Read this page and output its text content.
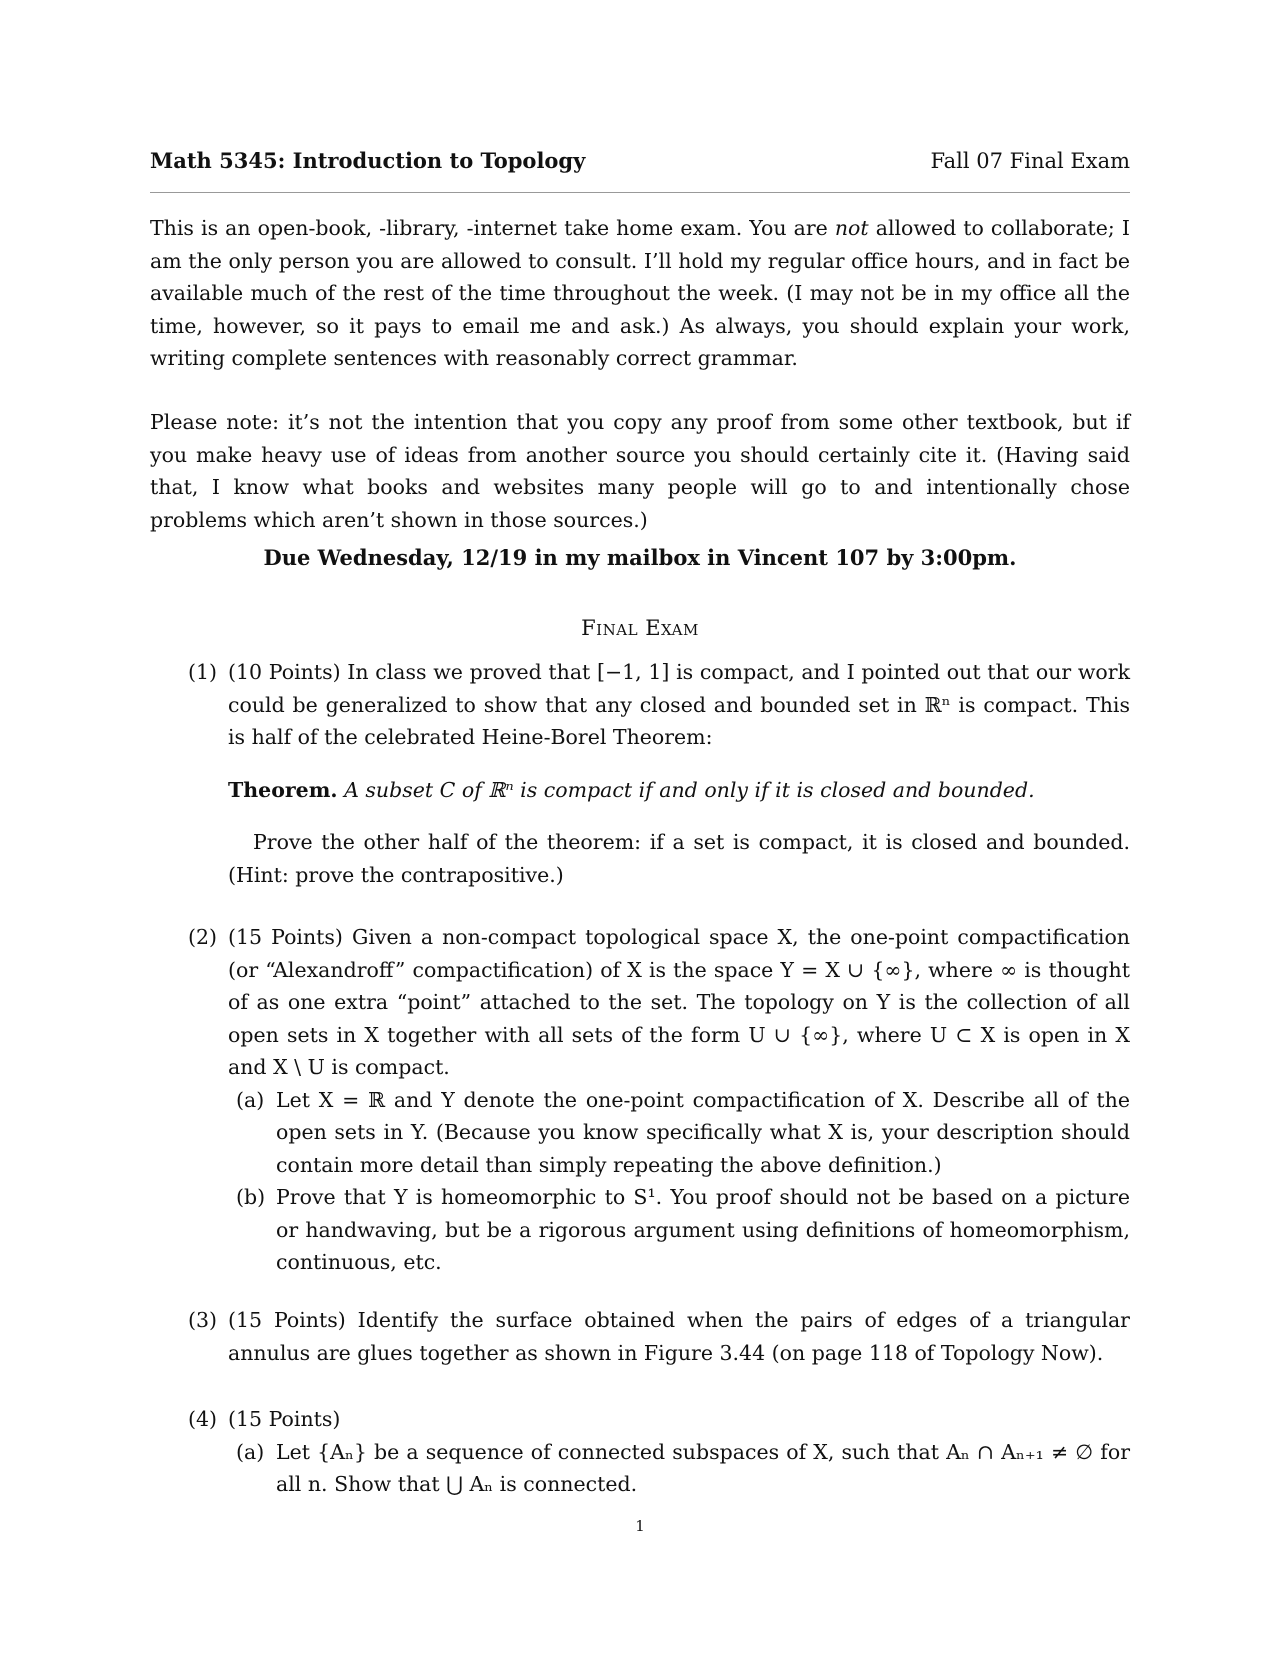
Math 5345: Introduction to Topology	Fall 07 Final Exam
This is an open-book, -library, -internet take home exam. You are not allowed to collaborate; I am the only person you are allowed to consult. I’ll hold my regular office hours, and in fact be available much of the rest of the time throughout the week. (I may not be in my office all the time, however, so it pays to email me and ask.) As always, you should explain your work, writing complete sentences with reasonably correct grammar.
Please note: it’s not the intention that you copy any proof from some other textbook, but if you make heavy use of ideas from another source you should certainly cite it. (Having said that, I know what books and websites many people will go to and intentionally chose problems which aren’t shown in those sources.)
Due Wednesday, 12/19 in my mailbox in Vincent 107 by 3:00pm.
Final Exam
(1) (10 Points) In class we proved that [−1, 1] is compact, and I pointed out that our work could be generalized to show that any closed and bounded set in ℝⁿ is compact. This is half of the celebrated Heine-Borel Theorem:
Theorem. A subset C of ℝⁿ is compact if and only if it is closed and bounded.
Prove the other half of the theorem: if a set is compact, it is closed and bounded. (Hint: prove the contrapositive.)
(2) (15 Points) Given a non-compact topological space X, the one-point compactification (or “Alexandroff” compactification) of X is the space Y = X ∪ {∞}, where ∞ is thought of as one extra “point” attached to the set. The topology on Y is the collection of all open sets in X together with all sets of the form U ∪ {∞}, where U ⊂ X is open in X and X \ U is compact.
(a) Let X = ℝ and Y denote the one-point compactification of X. Describe all of the open sets in Y. (Because you know specifically what X is, your description should contain more detail than simply repeating the above definition.)
(b) Prove that Y is homeomorphic to S¹. You proof should not be based on a picture or handwaving, but be a rigorous argument using definitions of homeomorphism, continuous, etc.
(3) (15 Points) Identify the surface obtained when the pairs of edges of a triangular annulus are glues together as shown in Figure 3.44 (on page 118 of Topology Now).
(4) (15 Points)
(a) Let {Aₙ} be a sequence of connected subspaces of X, such that Aₙ ∩ Aₙ₊₁ ≠ ∅ for all n. Show that ⋃ Aₙ is connected.
1
